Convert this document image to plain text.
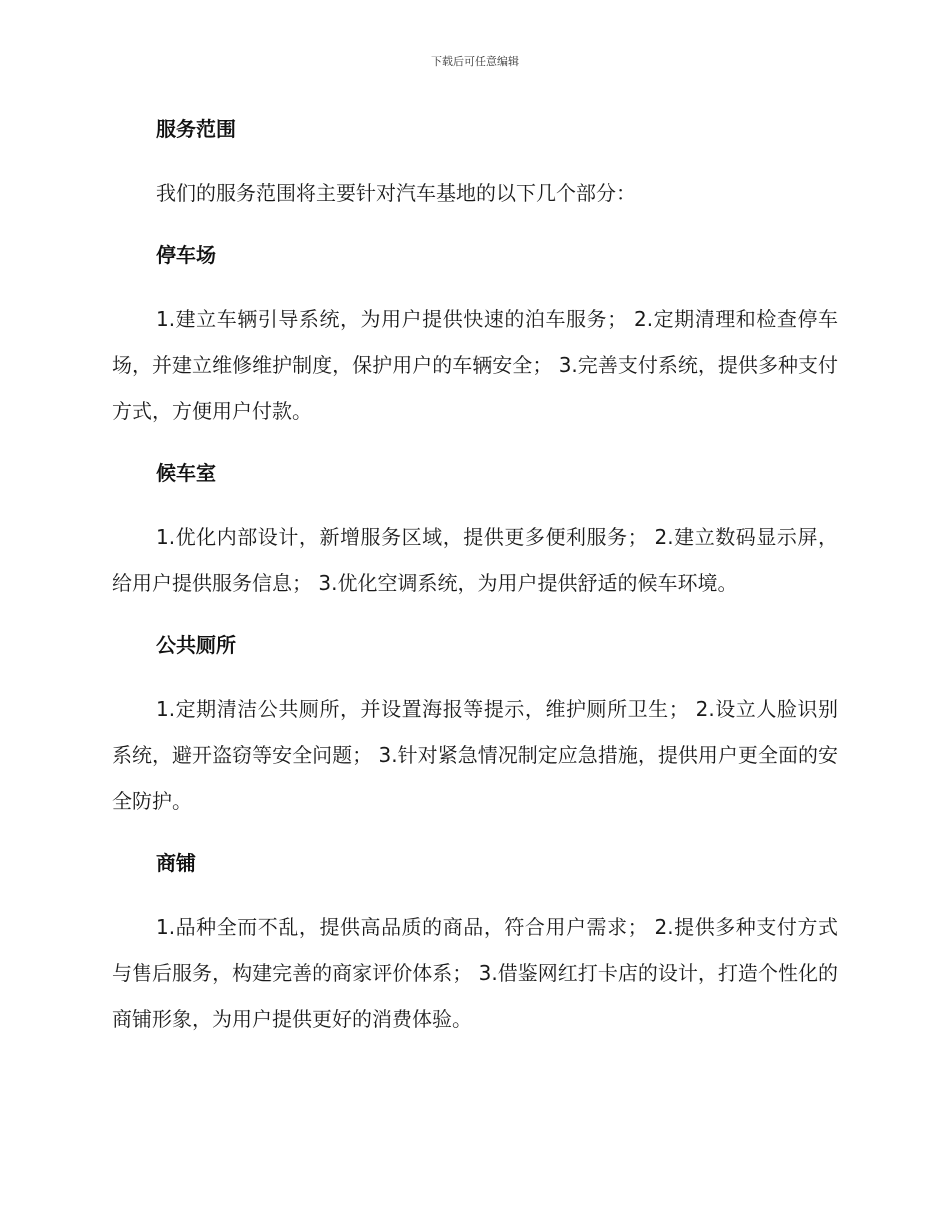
下载后可任意编辑
服务范围

我们的服务范围将主要针对汽车基地的以下几个部分：

停车场

1.建立车辆引导系统，为用户提供快速的泊车服务； 2.定期清理和检查停车场，并建立维修维护制度，保护用户的车辆安全； 3.完善支付系统，提供多种支付方式，方便用户付款。

候车室

1.优化内部设计，新增服务区域，提供更多便利服务； 2.建立数码显示屏，给用户提供服务信息； 3.优化空调系统，为用户提供舒适的候车环境。

公共厕所

1.定期清洁公共厕所，并设置海报等提示，维护厕所卫生； 2.设立人脸识别系统，避开盗窃等安全问题； 3.针对紧急情况制定应急措施，提供用户更全面的安全防护。

商铺

1.品种全而不乱，提供高品质的商品，符合用户需求； 2.提供多种支付方式与售后服务，构建完善的商家评价体系； 3.借鉴网红打卡店的设计，打造个性化的商铺形象，为用户提供更好的消费体验。
